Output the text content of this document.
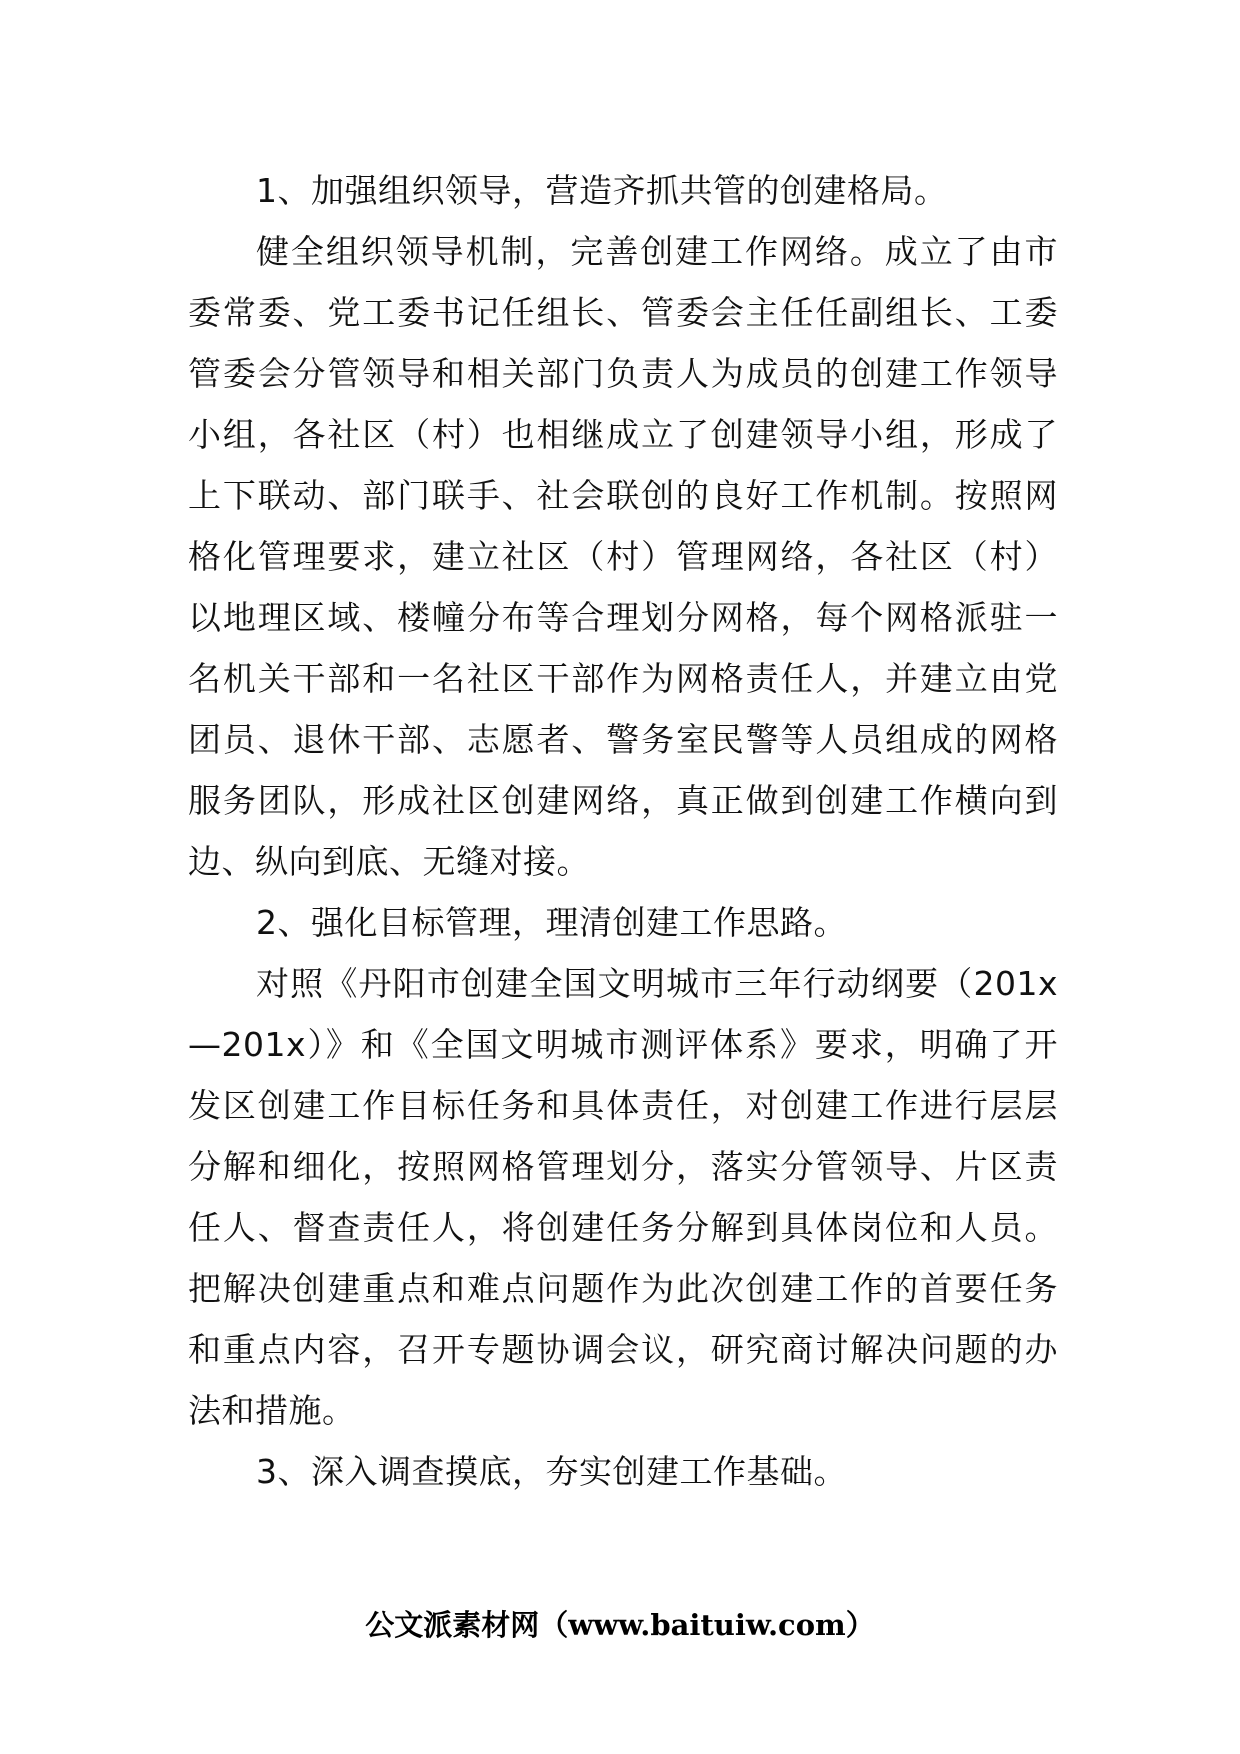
1、加强组织领导，营造齐抓共管的创建格局。

健全组织领导机制，完善创建工作网络。成立了由市委常委、党工委书记任组长、管委会主任任副组长、工委管委会分管领导和相关部门负责人为成员的创建工作领导小组，各社区（村）也相继成立了创建领导小组，形成了上下联动、部门联手、社会联创的良好工作机制。按照网格化管理要求，建立社区（村）管理网络，各社区（村）以地理区域、楼幢分布等合理划分网格，每个网格派驻一名机关干部和一名社区干部作为网格责任人，并建立由党团员、退休干部、志愿者、警务室民警等人员组成的网格服务团队，形成社区创建网络，真正做到创建工作横向到边、纵向到底、无缝对接。

2、强化目标管理，理清创建工作思路。

对照《丹阳市创建全国文明城市三年行动纲要（201x—201x）》和《全国文明城市测评体系》要求，明确了开发区创建工作目标任务和具体责任，对创建工作进行层层分解和细化，按照网格管理划分，落实分管领导、片区责任人、督查责任人，将创建任务分解到具体岗位和人员。把解决创建重点和难点问题作为此次创建工作的首要任务和重点内容，召开专题协调会议，研究商讨解决问题的办法和措施。

3、深入调查摸底，夯实创建工作基础。

公文派素材网（www.baituiw.com）
